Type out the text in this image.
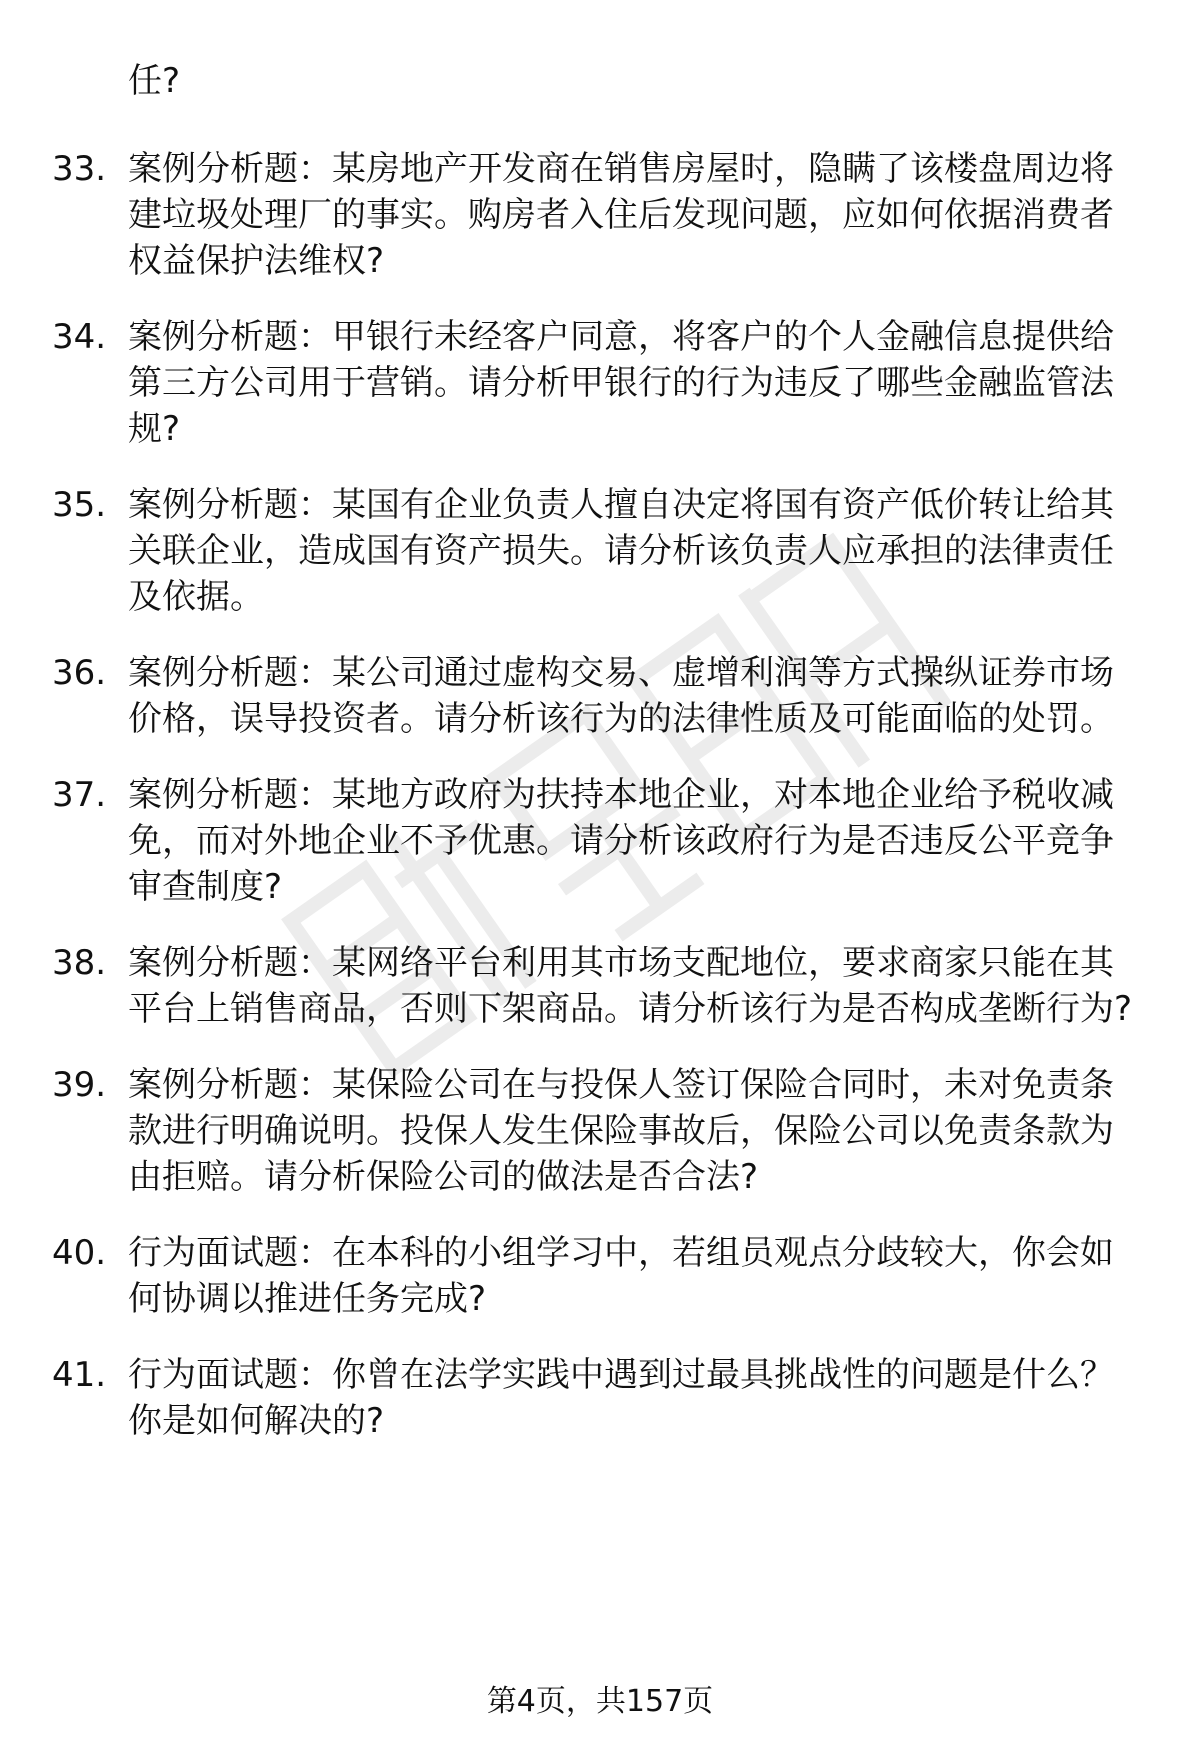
任?
33. 案例分析题：某房地产开发商在销售房屋时，隐瞒了该楼盘周边将建垃圾处理厂的事实。购房者入住后发现问题，应如何依据消费者权益保护法维权?
34. 案例分析题：甲银行未经客户同意，将客户的个人金融信息提供给第三方公司用于营销。请分析甲银行的行为违反了哪些金融监管法规?
35. 案例分析题：某国有企业负责人擅自决定将国有资产低价转让给其关联企业，造成国有资产损失。请分析该负责人应承担的法律责任及依据。
36. 案例分析题：某公司通过虚构交易、虚增利润等方式操纵证券市场价格，误导投资者。请分析该行为的法律性质及可能面临的处罚。
37. 案例分析题：某地方政府为扶持本地企业，对本地企业给予税收减免，而对外地企业不予优惠。请分析该政府行为是否违反公平竞争审查制度?
38. 案例分析题：某网络平台利用其市场支配地位，要求商家只能在其平台上销售商品，否则下架商品。请分析该行为是否构成垄断行为?
39. 案例分析题：某保险公司在与投保人签订保险合同时，未对免责条款进行明确说明。投保人发生保险事故后，保险公司以免责条款为由拒赔。请分析保险公司的做法是否合法?
40. 行为面试题：在本科的小组学习中，若组员观点分歧较大，你会如何协调以推进任务完成?
41. 行为面试题：你曾在法学实践中遇到过最具挑战性的问题是什么？你是如何解决的?
第4页，共157页
